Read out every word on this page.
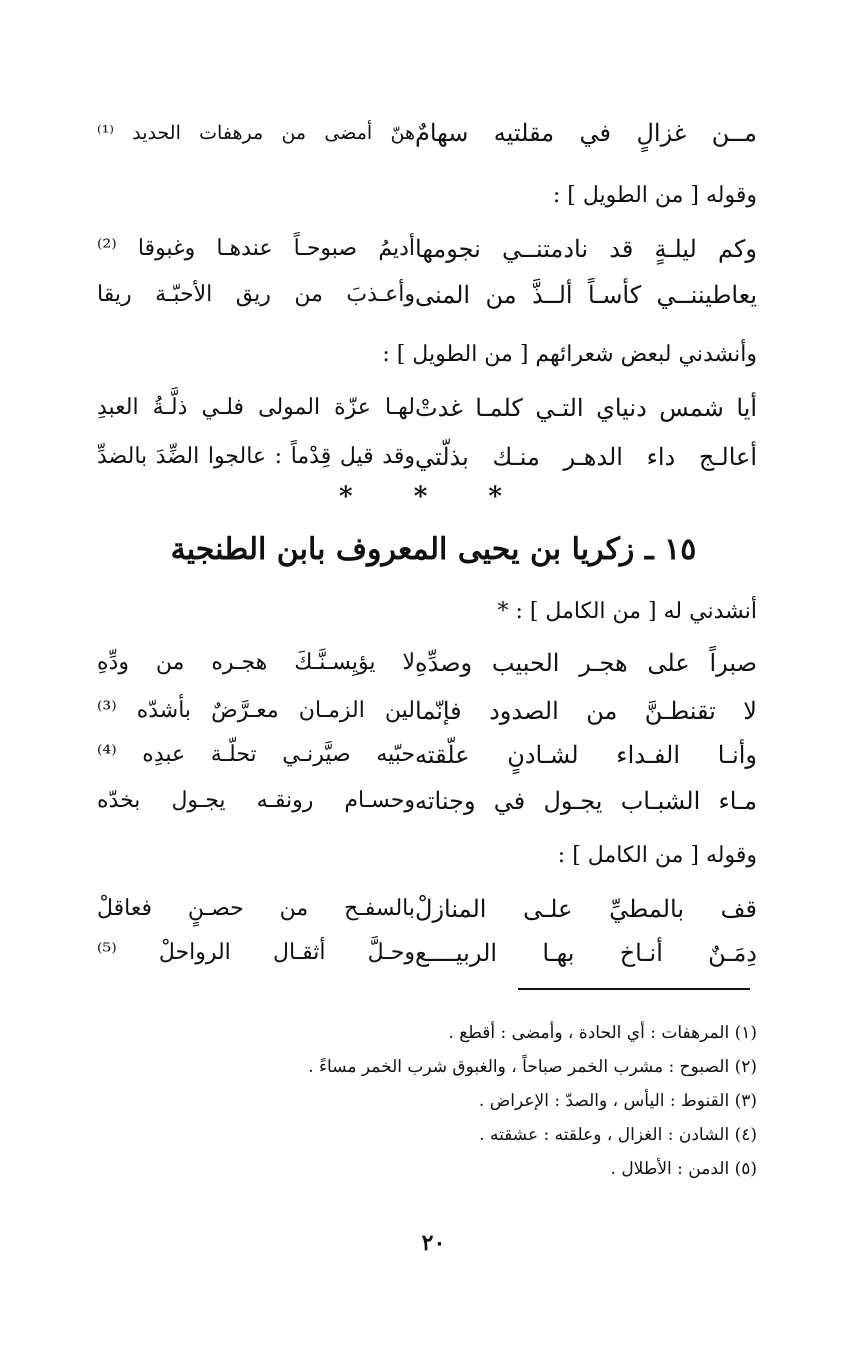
مــن غزالٍ في مقلتيه سهامٌ
هنّ أمضى من مرهفات الحديد ⁽¹⁾
وقوله [ من الطويل ] :
وكم ليلـةٍ قد نادمتنــي نجومها
أديمُ صبوحـاً عندهـا وغبوقا ⁽²⁾
يعاطيننــي كأسـاً ألــذَّ من المنى
وأعـذبَ من ريق الأحبّـة ريقا
وأنشدني لبعض شعرائهم [ من الطويل ] :
أيا شمس دنياي التـي كلمـا غدتْ
لهـا عزّة المولى فلـي ذلَّـةُ العبدِ
أعالـج داء الدهـر منـك بذلّتي
وقد قيل قِدْماً : عالجوا الضِّدَ بالضدِّ
* * *
١٥ ـ زكريا بن يحيى المعروف بابن الطنجية
أنشدني له [ من الكامل ] : *
صبراً على هجـر الحبيب وصدِّهِ
لا يؤيِسـنَّـكَ هجـره من ودِّهِ
لا تقنطـنَّ من الصدود فإنّما
لين الزمـان معـرَّضٌ بأشدّه ⁽³⁾
وأنـا الفـداء لشـادنٍ علّقته
حبّيه صيَّرنـي تحلّـة عبدِه ⁽⁴⁾
مـاء الشبـاب يجـول في وجناته
وحسـام رونقـه يجـول بخدّه
وقوله [ من الكامل ] :
قف بالمطيِّ علـى المنازلْ
بالسفـح من حصـنٍ فعاقلْ
دِمَـنٌ أنـاخ بهـا الربيــــع
وحـلَّ أثقـال الرواحلْ ⁽⁵⁾
(١) المرهفات : أي الحادة ، وأمضى : أقطع .
(٢) الصبوح : مشرب الخمر صباحاً ، والغبوق شرب الخمر مساءً .
(٣) القنوط : اليأس ، والصدّ : الإعراض .
(٤) الشادن : الغزال ، وعلقته : عشقته .
(٥) الدمن : الأطلال .
٢٠
